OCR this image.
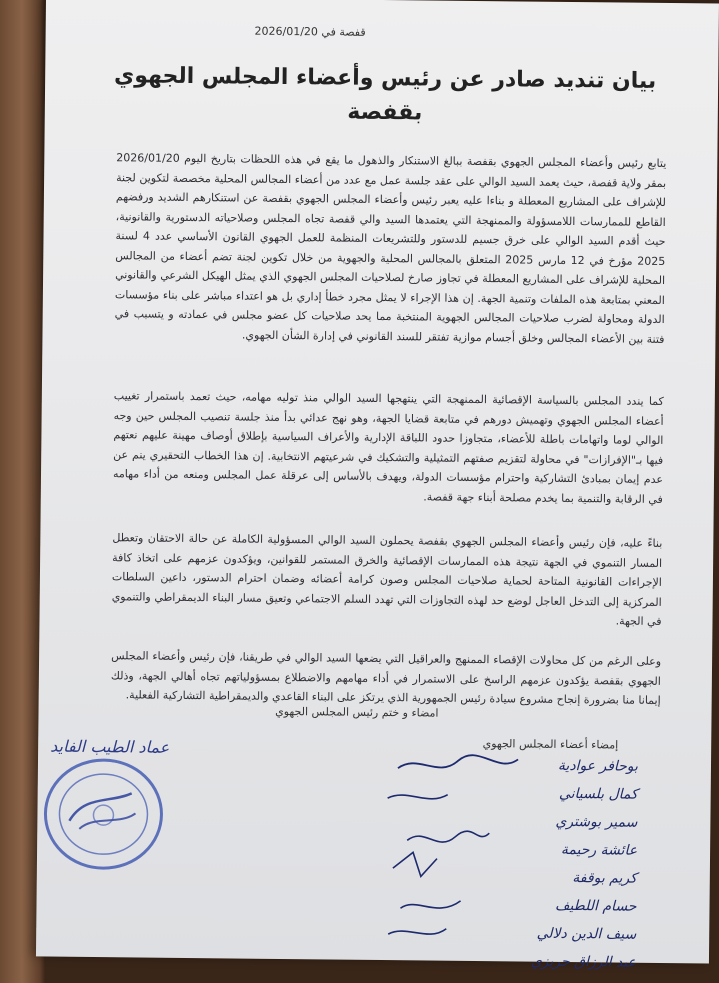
قفصة في 2026/01/20
بيان تنديد صادر عن رئيس وأعضاء المجلس الجهوي بقفصة

يتابع رئيس وأعضاء المجلس الجهوي بقفصة ببالغ الاستنكار والذهول ما يقع في هذه اللحظات بتاريخ اليوم 2026/01/20 بمقر ولاية قفصة، حيث يعمد السيد الوالي على عقد جلسة عمل مع عدد من أعضاء المجالس المحلية مخصصة لتكوين لجنة للإشراف على المشاريع المعطلة و بناءا عليه يعبر رئيس وأعضاء المجلس الجهوي بقفصة عن استنكارهم الشديد ورفضهم القاطع للممارسات اللامسؤولة والممنهجة التي يعتمدها السيد والي قفصة تجاه المجلس وصلاحياته الدستورية والقانونية، حيث أقدم السيد الوالي على خرق جسيم للدستور وللتشريعات المنظمة للعمل الجهوي القانون الأساسي عدد 4 لسنة 2025 مؤرخ في 12 مارس 2025 المتعلق بالمجالس المحلية والجهوية من خلال تكوين لجنة تضم أعضاء من المجالس المحلية للإشراف على المشاريع المعطلة في تجاوز صارخ لصلاحيات المجلس الجهوي الذي يمثل الهيكل الشرعي والقانوني المعني بمتابعة هذه الملفات وتنمية الجهة. إن هذا الإجراء لا يمثل مجرد خطأ إداري بل هو اعتداء مباشر على بناء مؤسسات الدولة ومحاولة لضرب صلاحيات المجالس الجهوية المنتخبة مما يحد صلاحيات كل عضو مجلس في عمادته و يتسبب في فتنة بين الأعضاء المجالس وخلق أجسام موازية تفتقر للسند القانوني في إدارة الشأن الجهوي.

كما يندد المجلس بالسياسة الإقصائية الممنهجة التي ينتهجها السيد الوالي منذ توليه مهامه، حيث تعمد باستمرار تغييب أعضاء المجلس الجهوي وتهميش دورهم في متابعة قضايا الجهة، وهو نهج عدائي بدأ منذ جلسة تنصيب المجلس حين وجه الوالي لوما واتهامات باطلة للأعضاء، متجاوزا حدود اللباقة الإدارية والأعراف السياسية بإطلاق أوصاف مهينة عليهم نعتهم فيها بـ"الإفرازات" في محاولة لتقزيم صفتهم التمثيلية والتشكيك في شرعيتهم الانتخابية. إن هذا الخطاب التحقيري ينم عن عدم إيمان بمبادئ التشاركية واحترام مؤسسات الدولة، ويهدف بالأساس إلى عرقلة عمل المجلس ومنعه من أداء مهامه في الرقابة والتنمية بما يخدم مصلحة أبناء جهة قفصة.

بناءً عليه، فإن رئيس وأعضاء المجلس الجهوي بقفصة يحملون السيد الوالي المسؤولية الكاملة عن حالة الاحتقان وتعطل المسار التنموي في الجهة نتيجة هذه الممارسات الإقصائية والخرق المستمر للقوانين، ويؤكدون عزمهم على اتخاذ كافة الإجراءات القانونية المتاحة لحماية صلاحيات المجلس وصون كرامة أعضائه وضمان احترام الدستور، داعين السلطات المركزية إلى التدخل العاجل لوضع حد لهذه التجاوزات التي تهدد السلم الاجتماعي وتعيق مسار البناء الديمقراطي والتنموي في الجهة.

وعلى الرغم من كل محاولات الإقصاء الممنهج والعراقيل التي يضعها السيد الوالي في طريقنا، فإن رئيس وأعضاء المجلس الجهوي بقفصة يؤكدون عزمهم الراسخ على الاستمرار في أداء مهامهم والاضطلاع بمسؤولياتهم تجاه أهالي الجهة، وذلك إيمانا منا بضرورة إنجاح مشروع سيادة رئيس الجمهورية الذي يرتكز على البناء القاعدي والديمقراطية التشاركية الفعلية.

امضاء و ختم رئيس المجلس الجهوي
إمضاء أعضاء المجلس الجهوي
عماد الطيب الفايد
بوحافر عوادية
كمال بلسياني
سمير بوشتري
عائشة رحيمة
كريم بوقفة
حسام اللطيف
سيف الدين دلالي
عبد الرزاق حريزي
